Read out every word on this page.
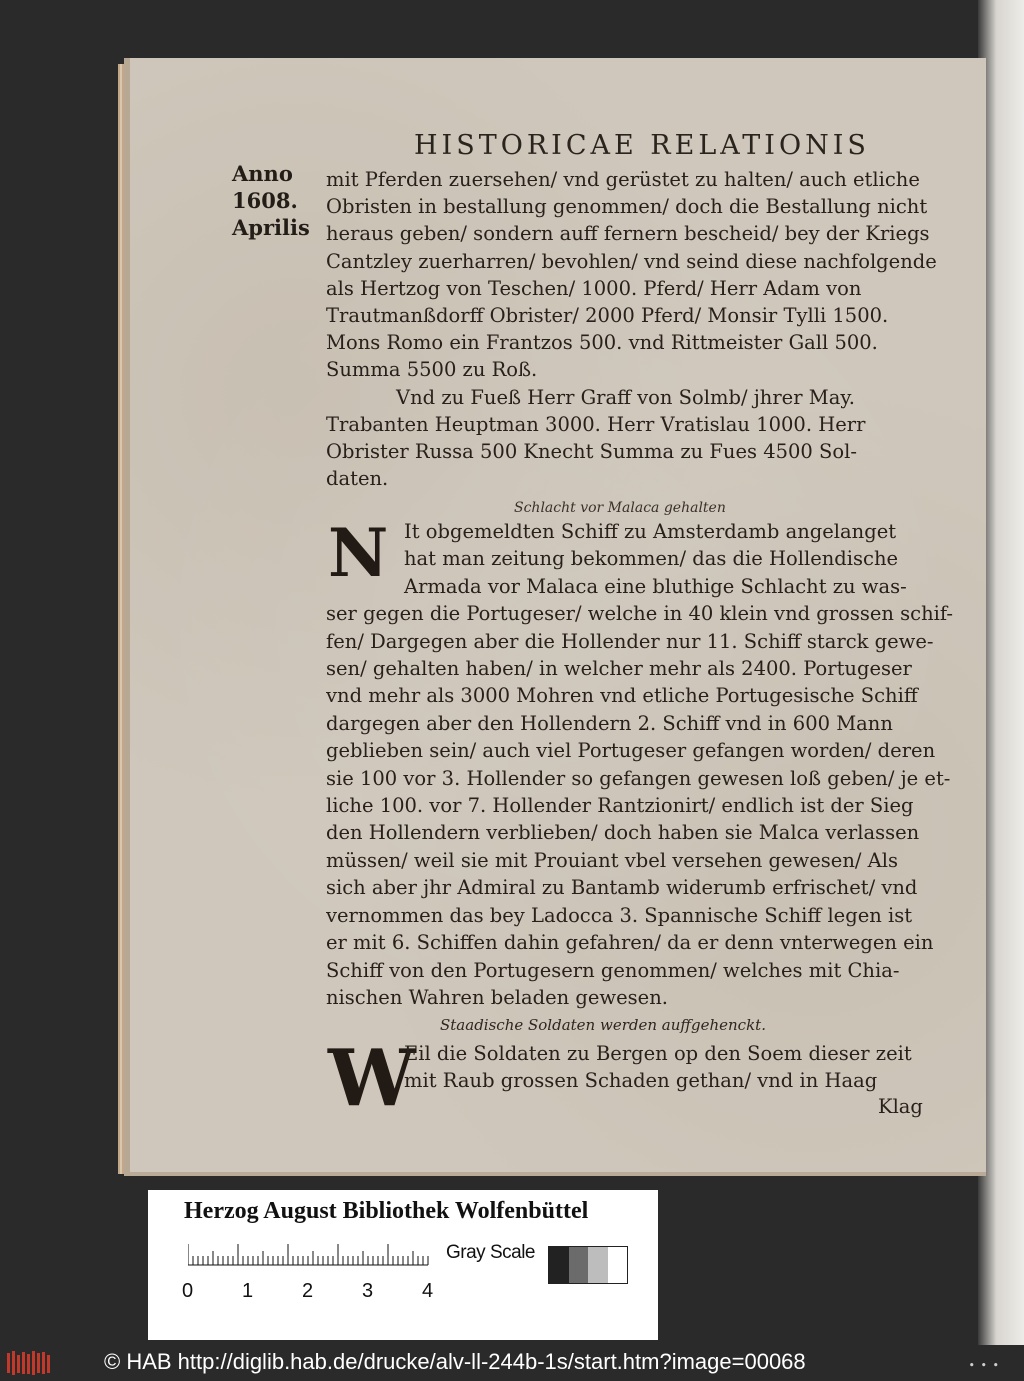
HISTORICAE RELATIONIS
Anno
1608.
Aprilis
mit Pferden zuersehen/ vnd gerüstet zu halten/ auch etliche
Obristen in bestallung genommen/ doch die Bestallung nicht
heraus geben/ sondern auff fernern bescheid/ bey der Kriegs
Cantzley zuerharren/ bevohlen/ vnd seind diese nachfolgende
als Hertzog von Teschen/ 1000. Pferd/ Herr Adam von
Trautmanßdorff Obrister/ 2000 Pferd/ Monsir Tylli 1500.
Mons Romo ein Frantzos 500. vnd Rittmeister Gall 500.
Summa 5500 zu Roß.
Vnd zu Fueß Herr Graff von Solmb/ jhrer May.
Trabanten Heuptman 3000. Herr Vratislau 1000. Herr
Obrister Russa 500 Knecht Summa zu Fues 4500 Sol-
daten.
Schlacht vor Malaca gehalten
N It obgemeldten Schiff zu Amsterdamb angelanget
hat man zeitung bekommen/ das die Hollendische
Armada vor Malaca eine bluthige Schlacht zu was-
ser gegen die Portugeser/ welche in 40 klein vnd grossen schif-
fen/ Dargegen aber die Hollender nur 11. Schiff starck gewe-
sen/ gehalten haben/ in welcher mehr als 2400. Portugeser
vnd mehr als 3000 Mohren vnd etliche Portugesische Schiff
dargegen aber den Hollendern 2. Schiff vnd in 600 Mann
geblieben sein/ auch viel Portugeser gefangen worden/ deren
sie 100 vor 3. Hollender so gefangen gewesen loß geben/ je et-
liche 100. vor 7. Hollender Rantzionirt/ endlich ist der Sieg
den Hollendern verblieben/ doch haben sie Malca verlassen
müssen/ weil sie mit Prouiant vbel versehen gewesen/ Als
sich aber jhr Admiral zu Bantamb widerumb erfrischet/ vnd
vernommen das bey Ladocca 3. Spannische Schiff legen ist
er mit 6. Schiffen dahin gefahren/ da er denn vnterwegen ein
Schiff von den Portugesern genommen/ welches mit Chia-
nischen Wahren beladen gewesen.
Staadische Soldaten werden auffgehenckt.
W
Eil die Soldaten zu Bergen op den Soem dieser zeit
mit Raub grossen Schaden gethan/ vnd in Haag
Klag
Herzog August Bibliothek Wolfenbüttel
0 1 2 3 4
Gray Scale
© HAB http://diglib.hab.de/drucke/alv-ll-244b-1s/start.htm?image=00068	• • •
